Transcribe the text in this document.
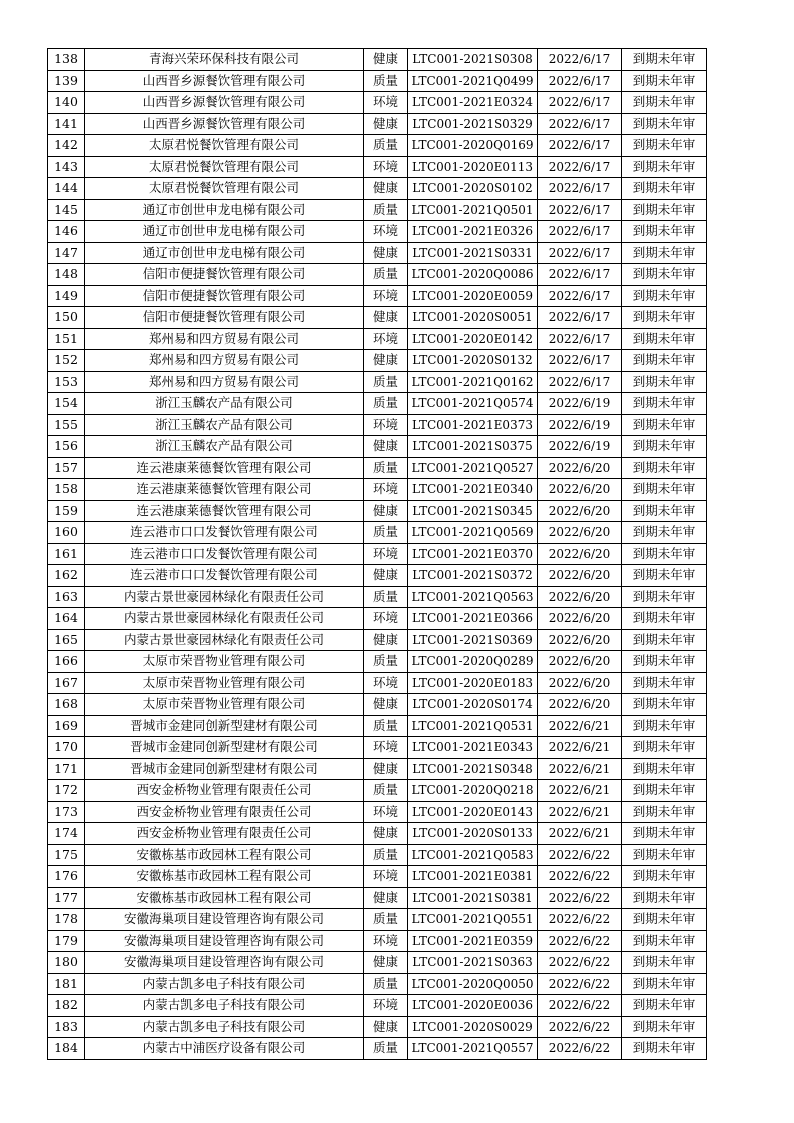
138	青海兴荣环保科技有限公司	健康	LTC001-2021S0308	2022/6/17	到期未年审
139	山西晋乡源餐饮管理有限公司	质量	LTC001-2021Q0499	2022/6/17	到期未年审
140	山西晋乡源餐饮管理有限公司	环境	LTC001-2021E0324	2022/6/17	到期未年审
141	山西晋乡源餐饮管理有限公司	健康	LTC001-2021S0329	2022/6/17	到期未年审
142	太原君悦餐饮管理有限公司	质量	LTC001-2020Q0169	2022/6/17	到期未年审
143	太原君悦餐饮管理有限公司	环境	LTC001-2020E0113	2022/6/17	到期未年审
144	太原君悦餐饮管理有限公司	健康	LTC001-2020S0102	2022/6/17	到期未年审
145	通辽市创世申龙电梯有限公司	质量	LTC001-2021Q0501	2022/6/17	到期未年审
146	通辽市创世申龙电梯有限公司	环境	LTC001-2021E0326	2022/6/17	到期未年审
147	通辽市创世申龙电梯有限公司	健康	LTC001-2021S0331	2022/6/17	到期未年审
148	信阳市便捷餐饮管理有限公司	质量	LTC001-2020Q0086	2022/6/17	到期未年审
149	信阳市便捷餐饮管理有限公司	环境	LTC001-2020E0059	2022/6/17	到期未年审
150	信阳市便捷餐饮管理有限公司	健康	LTC001-2020S0051	2022/6/17	到期未年审
151	郑州易和四方贸易有限公司	环境	LTC001-2020E0142	2022/6/17	到期未年审
152	郑州易和四方贸易有限公司	健康	LTC001-2020S0132	2022/6/17	到期未年审
153	郑州易和四方贸易有限公司	质量	LTC001-2021Q0162	2022/6/17	到期未年审
154	浙江玉麟农产品有限公司	质量	LTC001-2021Q0574	2022/6/19	到期未年审
155	浙江玉麟农产品有限公司	环境	LTC001-2021E0373	2022/6/19	到期未年审
156	浙江玉麟农产品有限公司	健康	LTC001-2021S0375	2022/6/19	到期未年审
157	连云港康莱德餐饮管理有限公司	质量	LTC001-2021Q0527	2022/6/20	到期未年审
158	连云港康莱德餐饮管理有限公司	环境	LTC001-2021E0340	2022/6/20	到期未年审
159	连云港康莱德餐饮管理有限公司	健康	LTC001-2021S0345	2022/6/20	到期未年审
160	连云港市口口发餐饮管理有限公司	质量	LTC001-2021Q0569	2022/6/20	到期未年审
161	连云港市口口发餐饮管理有限公司	环境	LTC001-2021E0370	2022/6/20	到期未年审
162	连云港市口口发餐饮管理有限公司	健康	LTC001-2021S0372	2022/6/20	到期未年审
163	内蒙古景世豪园林绿化有限责任公司	质量	LTC001-2021Q0563	2022/6/20	到期未年审
164	内蒙古景世豪园林绿化有限责任公司	环境	LTC001-2021E0366	2022/6/20	到期未年审
165	内蒙古景世豪园林绿化有限责任公司	健康	LTC001-2021S0369	2022/6/20	到期未年审
166	太原市荣晋物业管理有限公司	质量	LTC001-2020Q0289	2022/6/20	到期未年审
167	太原市荣晋物业管理有限公司	环境	LTC001-2020E0183	2022/6/20	到期未年审
168	太原市荣晋物业管理有限公司	健康	LTC001-2020S0174	2022/6/20	到期未年审
169	晋城市金建同创新型建材有限公司	质量	LTC001-2021Q0531	2022/6/21	到期未年审
170	晋城市金建同创新型建材有限公司	环境	LTC001-2021E0343	2022/6/21	到期未年审
171	晋城市金建同创新型建材有限公司	健康	LTC001-2021S0348	2022/6/21	到期未年审
172	西安金桥物业管理有限责任公司	质量	LTC001-2020Q0218	2022/6/21	到期未年审
173	西安金桥物业管理有限责任公司	环境	LTC001-2020E0143	2022/6/21	到期未年审
174	西安金桥物业管理有限责任公司	健康	LTC001-2020S0133	2022/6/21	到期未年审
175	安徽栋基市政园林工程有限公司	质量	LTC001-2021Q0583	2022/6/22	到期未年审
176	安徽栋基市政园林工程有限公司	环境	LTC001-2021E0381	2022/6/22	到期未年审
177	安徽栋基市政园林工程有限公司	健康	LTC001-2021S0381	2022/6/22	到期未年审
178	安徽海巢项目建设管理咨询有限公司	质量	LTC001-2021Q0551	2022/6/22	到期未年审
179	安徽海巢项目建设管理咨询有限公司	环境	LTC001-2021E0359	2022/6/22	到期未年审
180	安徽海巢项目建设管理咨询有限公司	健康	LTC001-2021S0363	2022/6/22	到期未年审
181	内蒙古凯多电子科技有限公司	质量	LTC001-2020Q0050	2022/6/22	到期未年审
182	内蒙古凯多电子科技有限公司	环境	LTC001-2020E0036	2022/6/22	到期未年审
183	内蒙古凯多电子科技有限公司	健康	LTC001-2020S0029	2022/6/22	到期未年审
184	内蒙古中浦医疗设备有限公司	质量	LTC001-2021Q0557	2022/6/22	到期未年审
